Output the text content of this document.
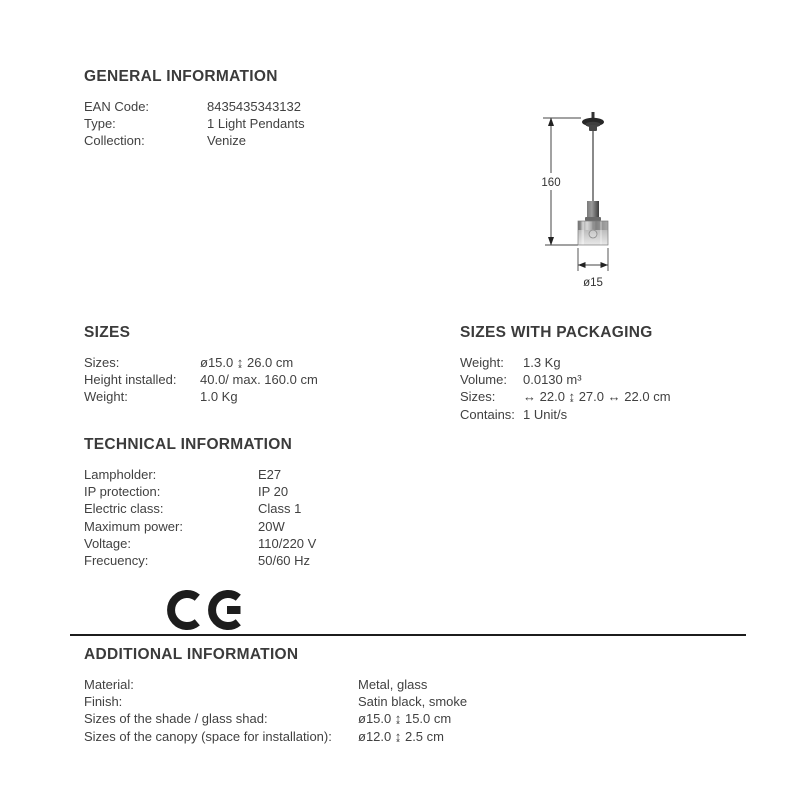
GENERAL INFORMATION
EAN Code:	8435435343132
Type:	1 Light Pendants
Collection:	Venize
160
ø15
SIZES
Sizes:	ø15.0 ↨ 26.0 cm
Height installed:	40.0/ max. 160.0 cm
Weight:	1.0 Kg
SIZES WITH PACKAGING
Weight:	1.3 Kg
Volume:	0.0130 m³
Sizes:	↔ 22.0 ↨ 27.0 ↔ 22.0 cm
Contains: 1 Unit/s
TECHNICAL INFORMATION
Lampholder:	E27
IP protection:	IP 20
Electric class:	Class 1
Maximum power:	20W
Voltage:	110/220 V
Frecuency:	50/60 Hz
ADDITIONAL INFORMATION
Material:	Metal, glass
Finish:	Satin black, smoke
Sizes of the shade / glass shad:	ø15.0 ↨ 15.0 cm
Sizes of the canopy (space for installation):	ø12.0 ↨ 2.5 cm
